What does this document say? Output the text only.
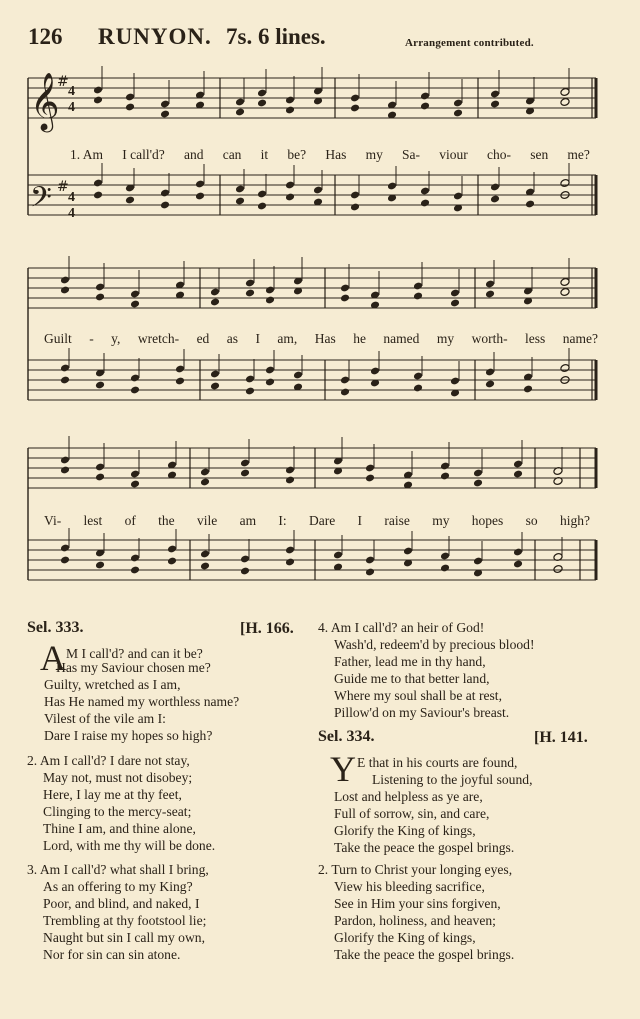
126 RUNYON. 7s. 6 lines.	Arrangement contributed.
𝄞
𝄢
4
4
4
4
#
#
1. Am I call'd? and can it be? Has my Sa- viour cho- sen me?
Guilt - y, wretch- ed as I am, Has he named my worth- less name?
Vi- lest of the vile am I: Dare I raise my hopes so high?
Sel. 333.	[H. 166.
A M I call'd? and can it be?
Has my Saviour chosen me?
Guilty, wretched as I am,
Has He named my worthless name?
Vilest of the vile am I:
Dare I raise my hopes so high?
2. Am I call'd? I dare not stay,
May not, must not disobey;
Here, I lay me at thy feet,
Clinging to the mercy-seat;
Thine I am, and thine alone,
Lord, with me thy will be done.
3. Am I call'd? what shall I bring,
As an offering to my King?
Poor, and blind, and naked, I
Trembling at thy footstool lie;
Naught but sin I call my own,
Nor for sin can sin atone.
4. Am I call'd? an heir of God!
Wash'd, redeem'd by precious blood!
Father, lead me in thy hand,
Guide me to that better land,
Where my soul shall be at rest,
Pillow'd on my Saviour's breast.
Sel. 334.	[H. 141.
Y E that in his courts are found,
Listening to the joyful sound,
Lost and helpless as ye are,
Full of sorrow, sin, and care,
Glorify the King of kings,
Take the peace the gospel brings.
2. Turn to Christ your longing eyes,
View his bleeding sacrifice,
See in Him your sins forgiven,
Pardon, holiness, and heaven;
Glorify the King of kings,
Take the peace the gospel brings.
